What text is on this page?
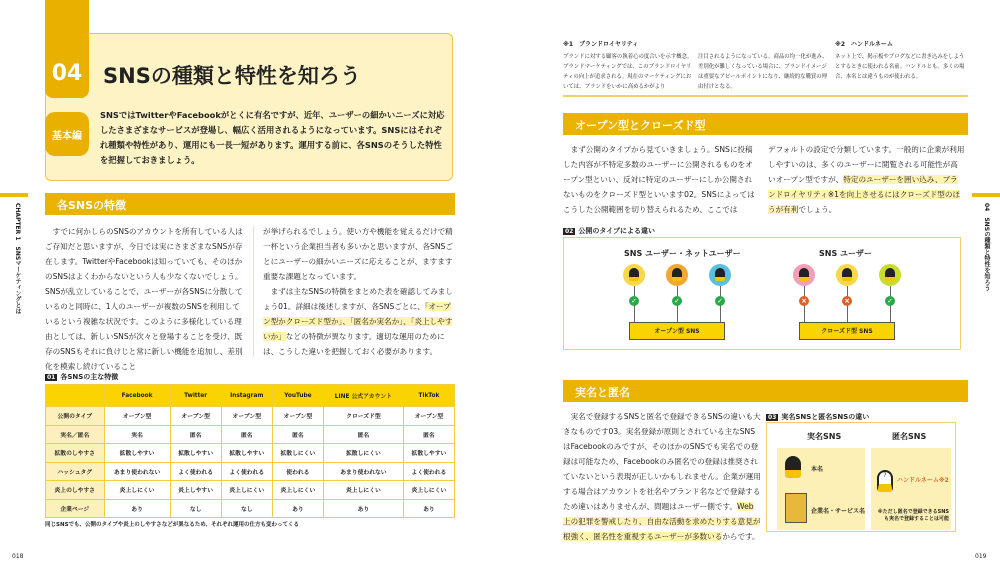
04 SNSの種類と特性を知ろう
基本編
SNSではTwitterやFacebookがとくに有名ですが、近年、ユーザーの細かいニーズに対応したさまざまなサービスが登場し、幅広く活用されるようになっています。SNSにはそれぞれ種類や特性があり、運用にも一長一短があります。運用する前に、各SNSのそうした特性を把握しておきましょう。
CHAPTER 1　SNSマーケティングとは	各SNSの特徴
　すでに何かしらのSNSのアカウントを所有している人はご存知だと思いますが、今日では実にさまざまなSNSが存在します。TwitterやFacebookは知っていても、そのほかのSNSはよくわからないという人も少なくないでしょう。SNSが乱立していることで、ユーザーが各SNSに分散しているのと同時に、1人のユーザーが複数のSNSを利用しているという複雑な状況です。このように多様化している理由としては、新しいSNSが次々と登場することを受け、既存のSNSもそれに負けじと常に新しい機能を追加し、差別化を模索し続けていること
が挙げられるでしょう。使い方や機能を覚えるだけで精一杯という企業担当者も多いかと思いますが、各SNSごとにユーザーの細かいニーズに応えることが、ますます重要な課題となっています。
　まずは主なSNSの特徴をまとめた表を確認してみましょう01。詳細は後述しますが、各SNSごとに、「オープン型かクローズド型か」、「匿名か実名か」、「炎上しやすいか」などの特徴が異なります。適切な運用のためには、こうした違いを把握しておく必要があります。
01 各SNSの主な特徴
	Facebook	Twitter	Instagram	YouTube	LINE 公式アカウント	TikTok
公開のタイプ	オープン型	オープン型	オープン型	オープン型	クローズド型	オープン型
実名／匿名	実名	匿名	匿名	匿名	匿名	匿名
拡散のしやすさ	拡散しやすい	拡散しやすい	拡散しやすい	拡散しにくい	拡散しにくい	拡散しやすい
ハッシュタグ	あまり使われない	よく使われる	よく使われる	使われる	あまり使われない	よく使われる
炎上のしやすさ	炎上しにくい	炎上しやすい	炎上しにくい	炎上しにくい	炎上しにくい	炎上しにくい
企業ページ	あり	なし	なし	あり	あり	あり
同じSNSでも、公開のタイプや炎上のしやすさなどが異なるため、それぞれ運用の仕方も変わってくる
018
※1　ブランドロイヤリティ

ブランドに対する顧客の執着心の度合いを示す概念。ブランドマーケティングでは、このブランドロイヤリティの向上が追求される。現在のマーケティングにおいては、ブランドをいかに高めるかがより

注目されるようになっている。商品の均一化が進み、差別化が難しくなっている場合に、ブランドイメージは重要なアピールポイントになり、継続的な購買の理由付けとなる。
※2　ハンドルネーム

ネット上で、掲示板やブログなどに書き込みをしようとするときに使われる名前。ハンドルとも。多くの場合、本名とは違うものが使われる。

オープン型とクローズド型
　まず公開のタイプから見ていきましょう。SNSに投稿した内容が不特定多数のユーザーに公開されるものをオープン型といい、反対に特定のユーザーにしか公開されないものをクローズド型といいます02。SNSによってはこうした公開範囲を切り替えられるため、ここでは
デフォルトの設定で分類しています。一般的に企業が利用しやすいのは、多くのユーザーに閲覧される可能性が高いオープン型ですが、特定のユーザーを囲い込み、ブランドロイヤリティ※1を向上させるにはクローズド型のほうが有利でしょう。
02 公開のタイプによる違い
SNS ユーザー・ネットユーザー	SNS ユーザー
オープン型 SNS	クローズド型 SNS
✓	✓	✓	×	×	✓
実名と匿名
　実名で登録するSNSと匿名で登録できるSNSの違いも大きなものです03。実名登録が原則とされている主なSNSはFacebookのみですが、そのほかのSNSでも実名での登録は可能なため、Facebookのみ匿名での登録は推奨されていないという表現が正しいかもしれません。企業が運用する場合はアカウントを社名やブランド名などで登録するため違いはありませんが、問題はユーザー側です。Web上の犯罪を警戒したり、自由な活動を求めたりする意見が根強く、匿名性を重視するユーザーが多数いるからです。
03 実名SNSと匿名SNSの違い
実名SNS	匿名SNS
本名
企業名・サービス名
?
ハンドルネーム※2
※ただし匿名で登録できるSNSも実名で登録することは可能
04　SNSの種類と特性を知ろう
019
